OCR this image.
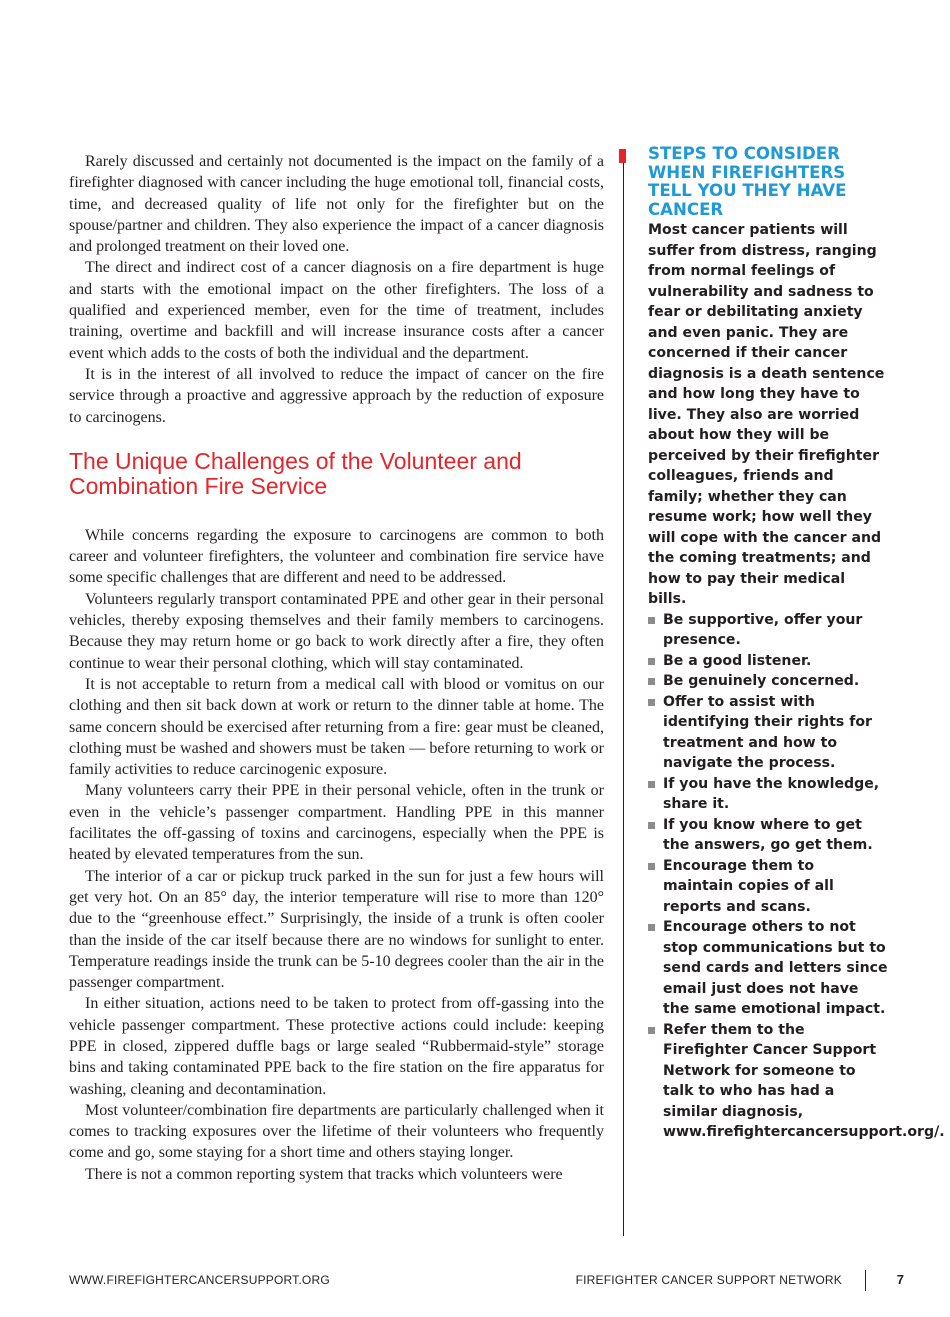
Rarely discussed and certainly not documented is the impact on the family of a firefighter diagnosed with cancer including the huge emotional toll, financial costs, time, and decreased quality of life not only for the firefighter but on the spouse/partner and children. They also experience the impact of a cancer diagnosis and prolonged treatment on their loved one.

The direct and indirect cost of a cancer diagnosis on a fire department is huge and starts with the emotional impact on the other firefighters. The loss of a qualified and experienced member, even for the time of treatment, includes training, overtime and backfill and will increase insurance costs after a cancer event which adds to the costs of both the individual and the department.

It is in the interest of all involved to reduce the impact of cancer on the fire service through a proactive and aggressive approach by the reduction of exposure to carcinogens.

The Unique Challenges of the Volunteer and Combination Fire Service

While concerns regarding the exposure to carcinogens are common to both career and volunteer firefighters, the volunteer and combination fire service have some specific challenges that are different and need to be addressed.

Volunteers regularly transport contaminated PPE and other gear in their personal vehicles, thereby exposing themselves and their family members to carcinogens. Because they may return home or go back to work directly after a fire, they often continue to wear their personal clothing, which will stay contaminated.

It is not acceptable to return from a medical call with blood or vomitus on our clothing and then sit back down at work or return to the dinner table at home. The same concern should be exercised after returning from a fire: gear must be cleaned, clothing must be washed and showers must be taken — before returning to work or family activities to reduce carcinogenic exposure.

Many volunteers carry their PPE in their personal vehicle, often in the trunk or even in the vehicle’s passenger compartment. Handling PPE in this manner facilitates the off-gassing of toxins and carcinogens, especially when the PPE is heated by elevated temperatures from the sun.

The interior of a car or pickup truck parked in the sun for just a few hours will get very hot. On an 85° day, the interior temperature will rise to more than 120° due to the “greenhouse effect.” Surprisingly, the inside of a trunk is often cooler than the inside of the car itself because there are no windows for sunlight to enter. Temperature readings inside the trunk can be 5-10 degrees cooler than the air in the passenger compartment.

In either situation, actions need to be taken to protect from off-gassing into the vehicle passenger compartment. These protective actions could include: keeping PPE in closed, zippered duffle bags or large sealed “Rubbermaid-style” storage bins and taking contaminated PPE back to the fire station on the fire apparatus for washing, cleaning and decontamination.

Most volunteer/combination fire departments are particularly challenged when it comes to tracking exposures over the lifetime of their volunteers who frequently come and go, some staying for a short time and others staying longer.

There is not a common reporting system that tracks which volunteers were

STEPS TO CONSIDER WHEN FIREFIGHTERS TELL YOU THEY HAVE CANCER

Most cancer patients will suffer from distress, ranging from normal feelings of vulnerability and sadness to fear or debilitating anxiety and even panic. They are concerned if their cancer diagnosis is a death sentence and how long they have to live. They also are worried about how they will be perceived by their firefighter colleagues, friends and family; whether they can resume work; how well they will cope with the cancer and the coming treatments; and how to pay their medical bills.

Be supportive, offer your presence.
Be a good listener.
Be genuinely concerned.
Offer to assist with identifying their rights for treatment and how to navigate the process.
If you have the knowledge, share it.
If you know where to get the answers, go get them.
Encourage them to maintain copies of all reports and scans.
Encourage others to not stop communications but to send cards and letters since email just does not have the same emotional impact.
Refer them to the Firefighter Cancer Support Network for someone to talk to who has had a similar diagnosis, www.firefightercancersupport.org/.
WWW.FIREFIGHTERCANCERSUPPORT.ORG	FIREFIGHTER CANCER SUPPORT NETWORK	7
